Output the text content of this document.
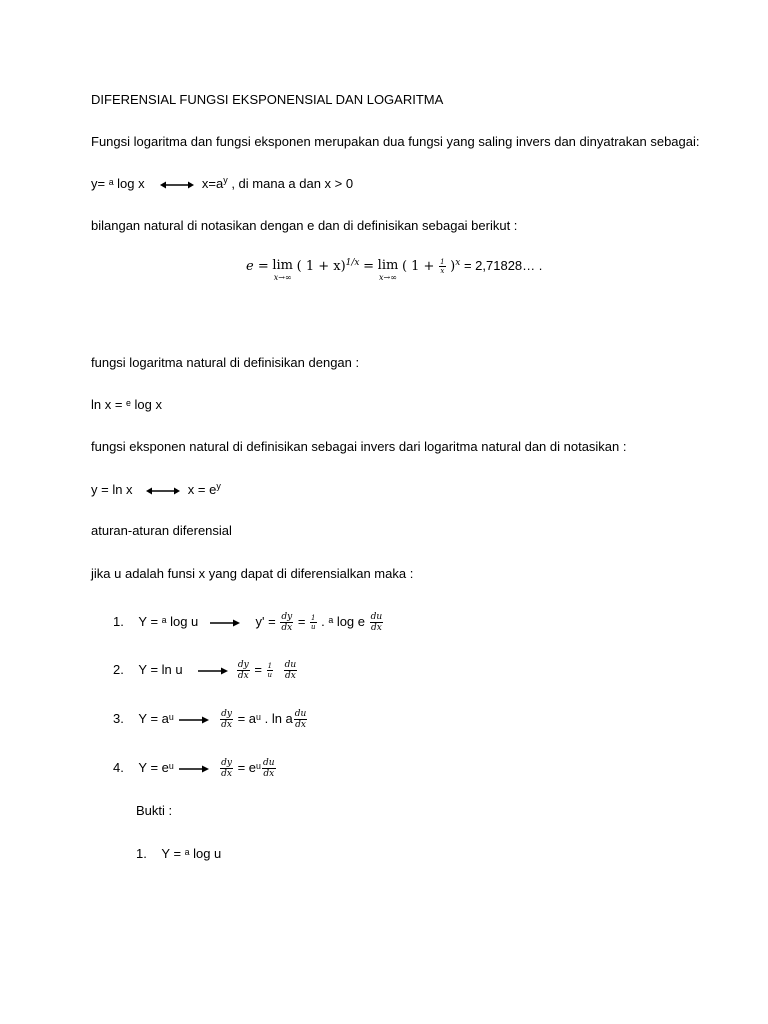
DIFERENSIAL FUNGSI EKSPONENSIAL DAN LOGARITMA
Fungsi logaritma dan fungsi eksponen merupakan dua fungsi yang saling invers dan dinyatrakan sebagai:
y= ᵃ log x	$x=a^y$ , di mana a dan x > 0
bilangan natural di notasikan dengan e dan di definisikan sebagai berikut :
e = lim
x→∞
( 1 + x)$^{1/x}$ = lim
x→∞
( $1 + \frac{1}{x} )^x$ = 2,71828… .
fungsi logaritma natural di definisikan dengan :
ln x = ᵉ log x
fungsi eksponen natural di definisikan sebagai invers dari logaritma natural dan di notasikan :
y = ln x	$x = e^y$
aturan-aturan diferensial
jika u adalah funsi x yang dapat di diferensialkan maka :
1. Y = ᵃ log u	$y' = \frac{dy}{dx} = \frac{1}{u}$ . ᵃ log e $\frac{du}{dx}$
2. Y = ln u	$\frac{dy}{dx} = \frac{1}{u}$
$\frac{du}{dx}$
3. Y = aᵘ	$\frac{dy}{dx}$ = aᵘ . ln a $\frac{du}{dx}$
4. Y = eᵘ	$\frac{dy}{dx}$ = eᵘ $\frac{du}{dx}$
Bukti :
1. Y = ᵃ log u
